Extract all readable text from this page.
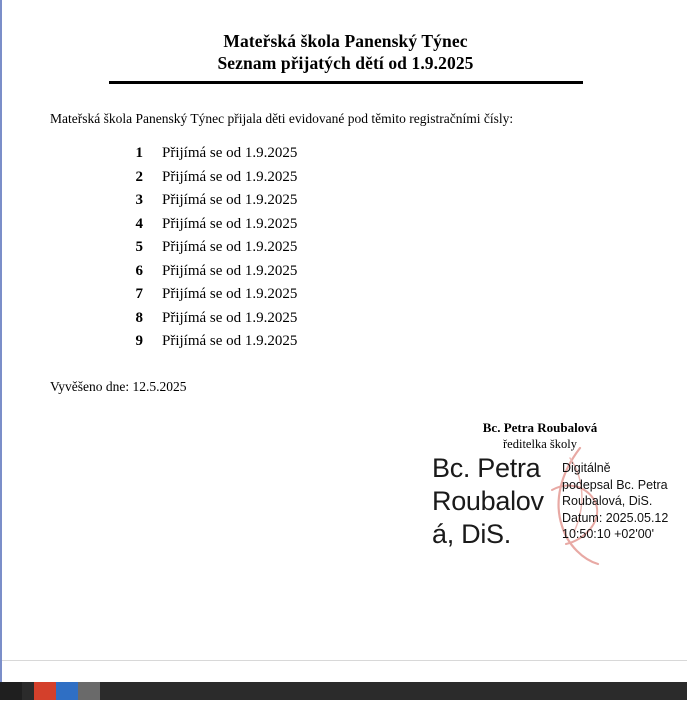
Mateřská škola Panenský Týnec
Seznam přijatých dětí od 1.9.2025
Mateřská škola Panenský Týnec přijala děti evidované pod těmito registračními čísly:
1	Přijímá se od 1.9.2025
2	Přijímá se od 1.9.2025
3	Přijímá se od 1.9.2025
4	Přijímá se od 1.9.2025
5	Přijímá se od 1.9.2025
6	Přijímá se od 1.9.2025
7	Přijímá se od 1.9.2025
8	Přijímá se od 1.9.2025
9	Přijímá se od 1.9.2025
Vyvěšeno dne: 12.5.2025
Bc. Petra Roubalová
ředitelka školy
Bc. Petra
Roubalov
á, DiS.
Digitálně
podepsal Bc. Petra
Roubalová, DiS.
Datum: 2025.05.12
10:50:10 +02'00'
